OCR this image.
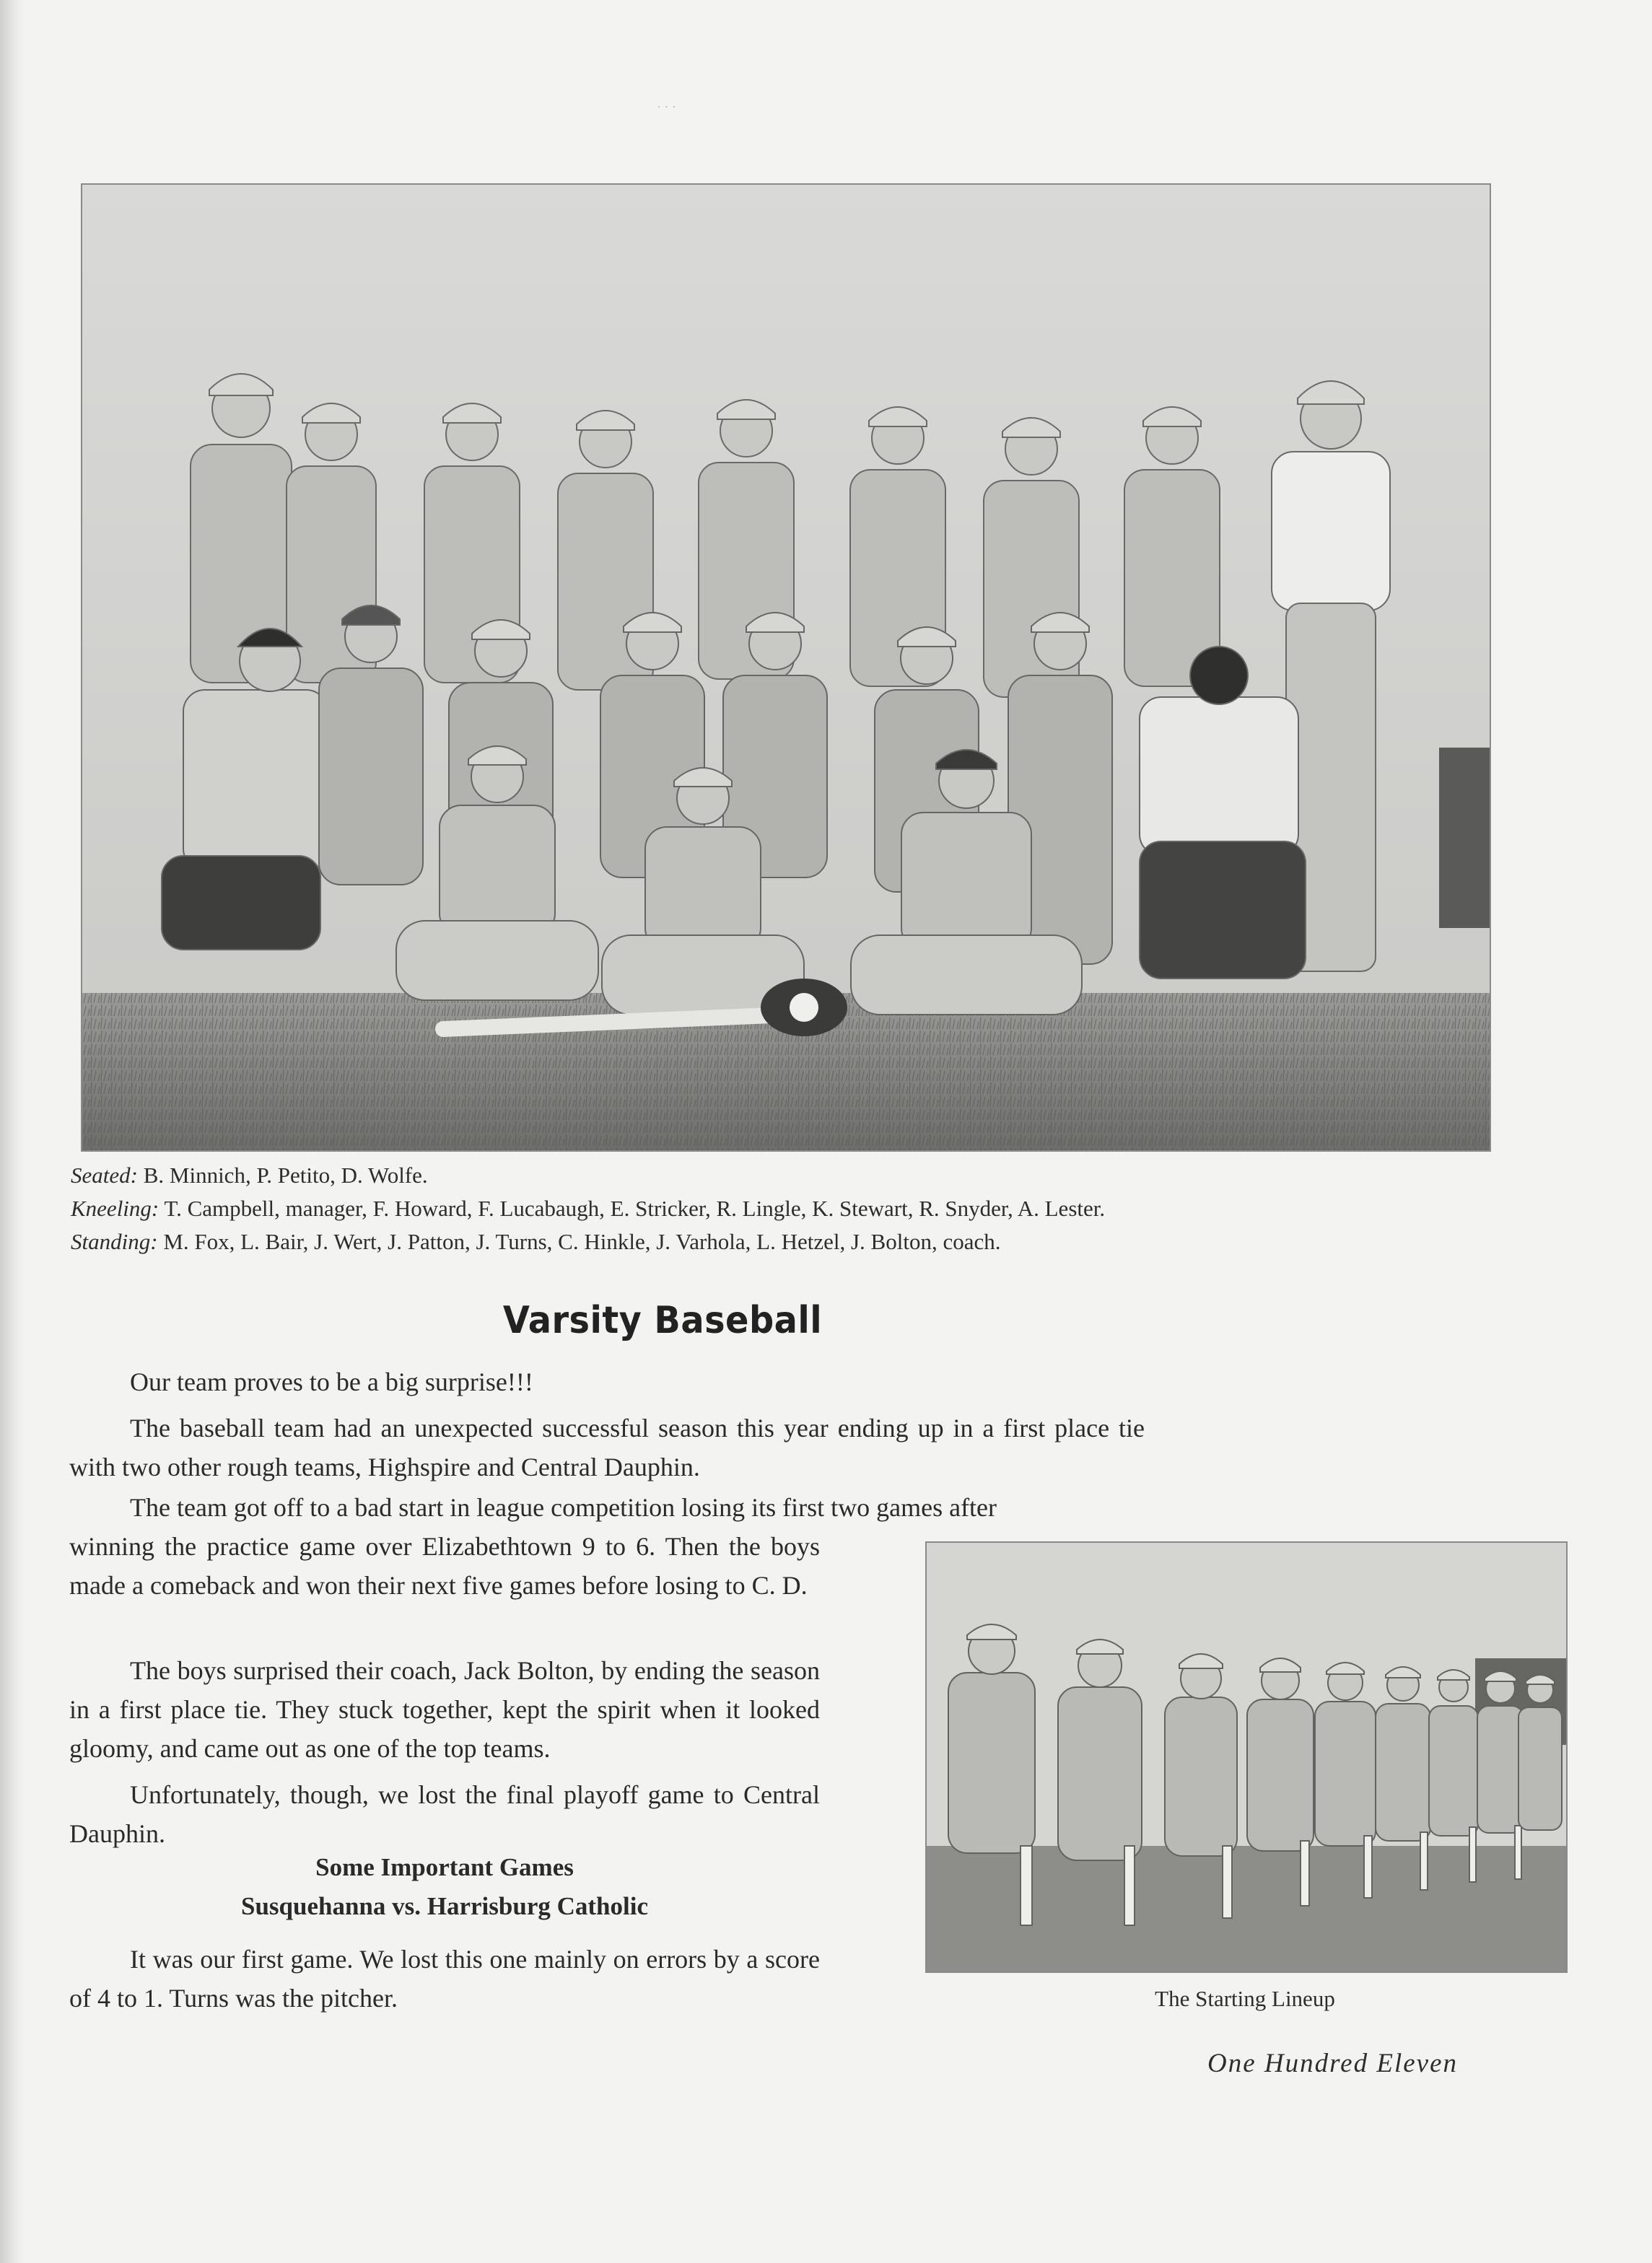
· · ·
Seated: B. Minnich, P. Petito, D. Wolfe.
Kneeling: T. Campbell, manager, F. Howard, F. Lucabaugh, E. Stricker, R. Lingle, K. Stewart, R. Snyder, A. Lester.
Standing: M. Fox, L. Bair, J. Wert, J. Patton, J. Turns, C. Hinkle, J. Varhola, L. Hetzel, J. Bolton, coach.
Varsity Baseball

Our team proves to be a big surprise!!!

The baseball team had an unexpected successful season this year ending up in a first place tie with two other rough teams, Highspire and Central Dauphin.

The team got off to a bad start in league competition losing its first two games after

winning the practice game over Elizabethtown 9 to 6. Then the boys made a comeback and won their next five games before losing to C. D.

The boys surprised their coach, Jack Bolton, by ending the season in a first place tie. They stuck together, kept the spirit when it looked gloomy, and came out as one of the top teams.

Unfortunately, though, we lost the final playoff game to Central Dauphin.

Some Important Games
Susquehanna vs. Harrisburg Catholic

It was our first game. We lost this one mainly on errors by a score of 4 to 1. Turns was the pitcher.	The Starting Lineup
One Hundred Eleven
